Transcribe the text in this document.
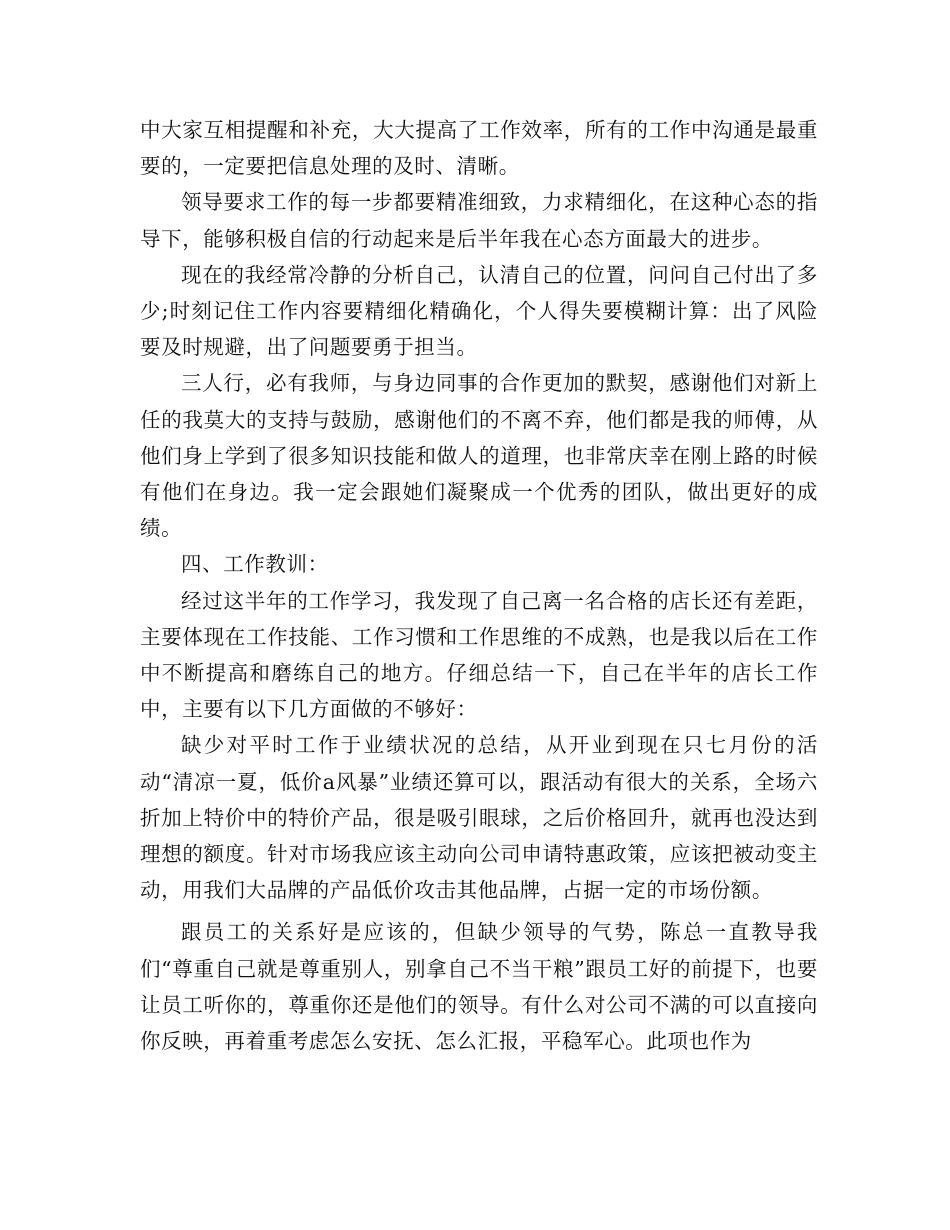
中大家互相提醒和补充，大大提高了工作效率，所有的工作中沟通是最重要的，一定要把信息处理的及时、清晰。

领导要求工作的每一步都要精准细致，力求精细化，在这种心态的指导下，能够积极自信的行动起来是后半年我在心态方面最大的进步。

现在的我经常冷静的分析自己，认清自己的位置，问问自己付出了多少;时刻记住工作内容要精细化精确化，个人得失要模糊计算：出了风险要及时规避，出了问题要勇于担当。

三人行，必有我师，与身边同事的合作更加的默契，感谢他们对新上任的我莫大的支持与鼓励，感谢他们的不离不弃，他们都是我的师傅，从他们身上学到了很多知识技能和做人的道理，也非常庆幸在刚上路的时候有他们在身边。我一定会跟她们凝聚成一个优秀的团队，做出更好的成绩。

四、工作教训：

经过这半年的工作学习，我发现了自己离一名合格的店长还有差距，主要体现在工作技能、工作习惯和工作思维的不成熟，也是我以后在工作中不断提高和磨练自己的地方。仔细总结一下，自己在半年的店长工作中，主要有以下几方面做的不够好：

缺少对平时工作于业绩状况的总结，从开业到现在只七月份的活动“清凉一夏，低价a风暴”业绩还算可以，跟活动有很大的关系，全场六折加上特价中的特价产品，很是吸引眼球，之后价格回升，就再也没达到理想的额度。针对市场我应该主动向公司申请特惠政策，应该把被动变主动，用我们大品牌的产品低价攻击其他品牌，占据一定的市场份额。

跟员工的关系好是应该的，但缺少领导的气势，陈总一直教导我们“尊重自己就是尊重别人，别拿自己不当干粮”跟员工好的前提下，也要让员工听你的，尊重你还是他们的领导。有什么对公司不满的可以直接向你反映，再着重考虑怎么安抚、怎么汇报，平稳军心。此项也作为
